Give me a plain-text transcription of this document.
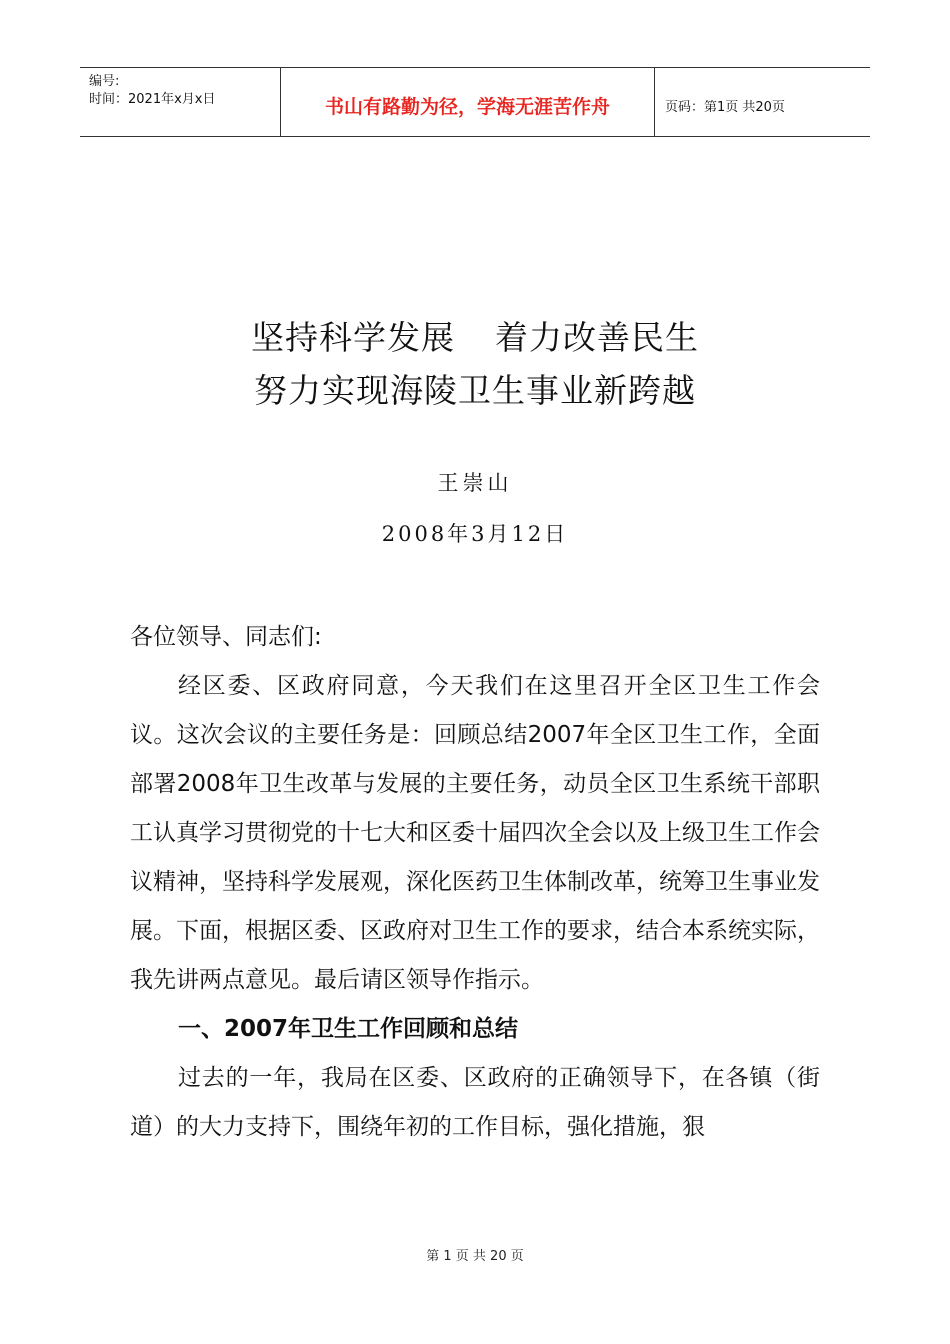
编号:
时间：2021年x月x日	书山有路勤为径，学海无涯苦作舟	页码：第1页 共20页
坚持科学发展 着力改善民生
努力实现海陵卫生事业新跨越
王崇山
2008年3月12日

各位领导、同志们:

经区委、区政府同意，今天我们在这里召开全区卫生工作会议。这次会议的主要任务是：回顾总结2007年全区卫生工作，全面部署2008年卫生改革与发展的主要任务，动员全区卫生系统干部职工认真学习贯彻党的十七大和区委十届四次全会以及上级卫生工作会议精神，坚持科学发展观，深化医药卫生体制改革，统筹卫生事业发展。下面，根据区委、区政府对卫生工作的要求，结合本系统实际，我先讲两点意见。最后请区领导作指示。

一、2007年卫生工作回顾和总结

过去的一年，我局在区委、区政府的正确领导下，在各镇（街道）的大力支持下，围绕年初的工作目标，强化措施，狠

第 1 页 共 20 页
